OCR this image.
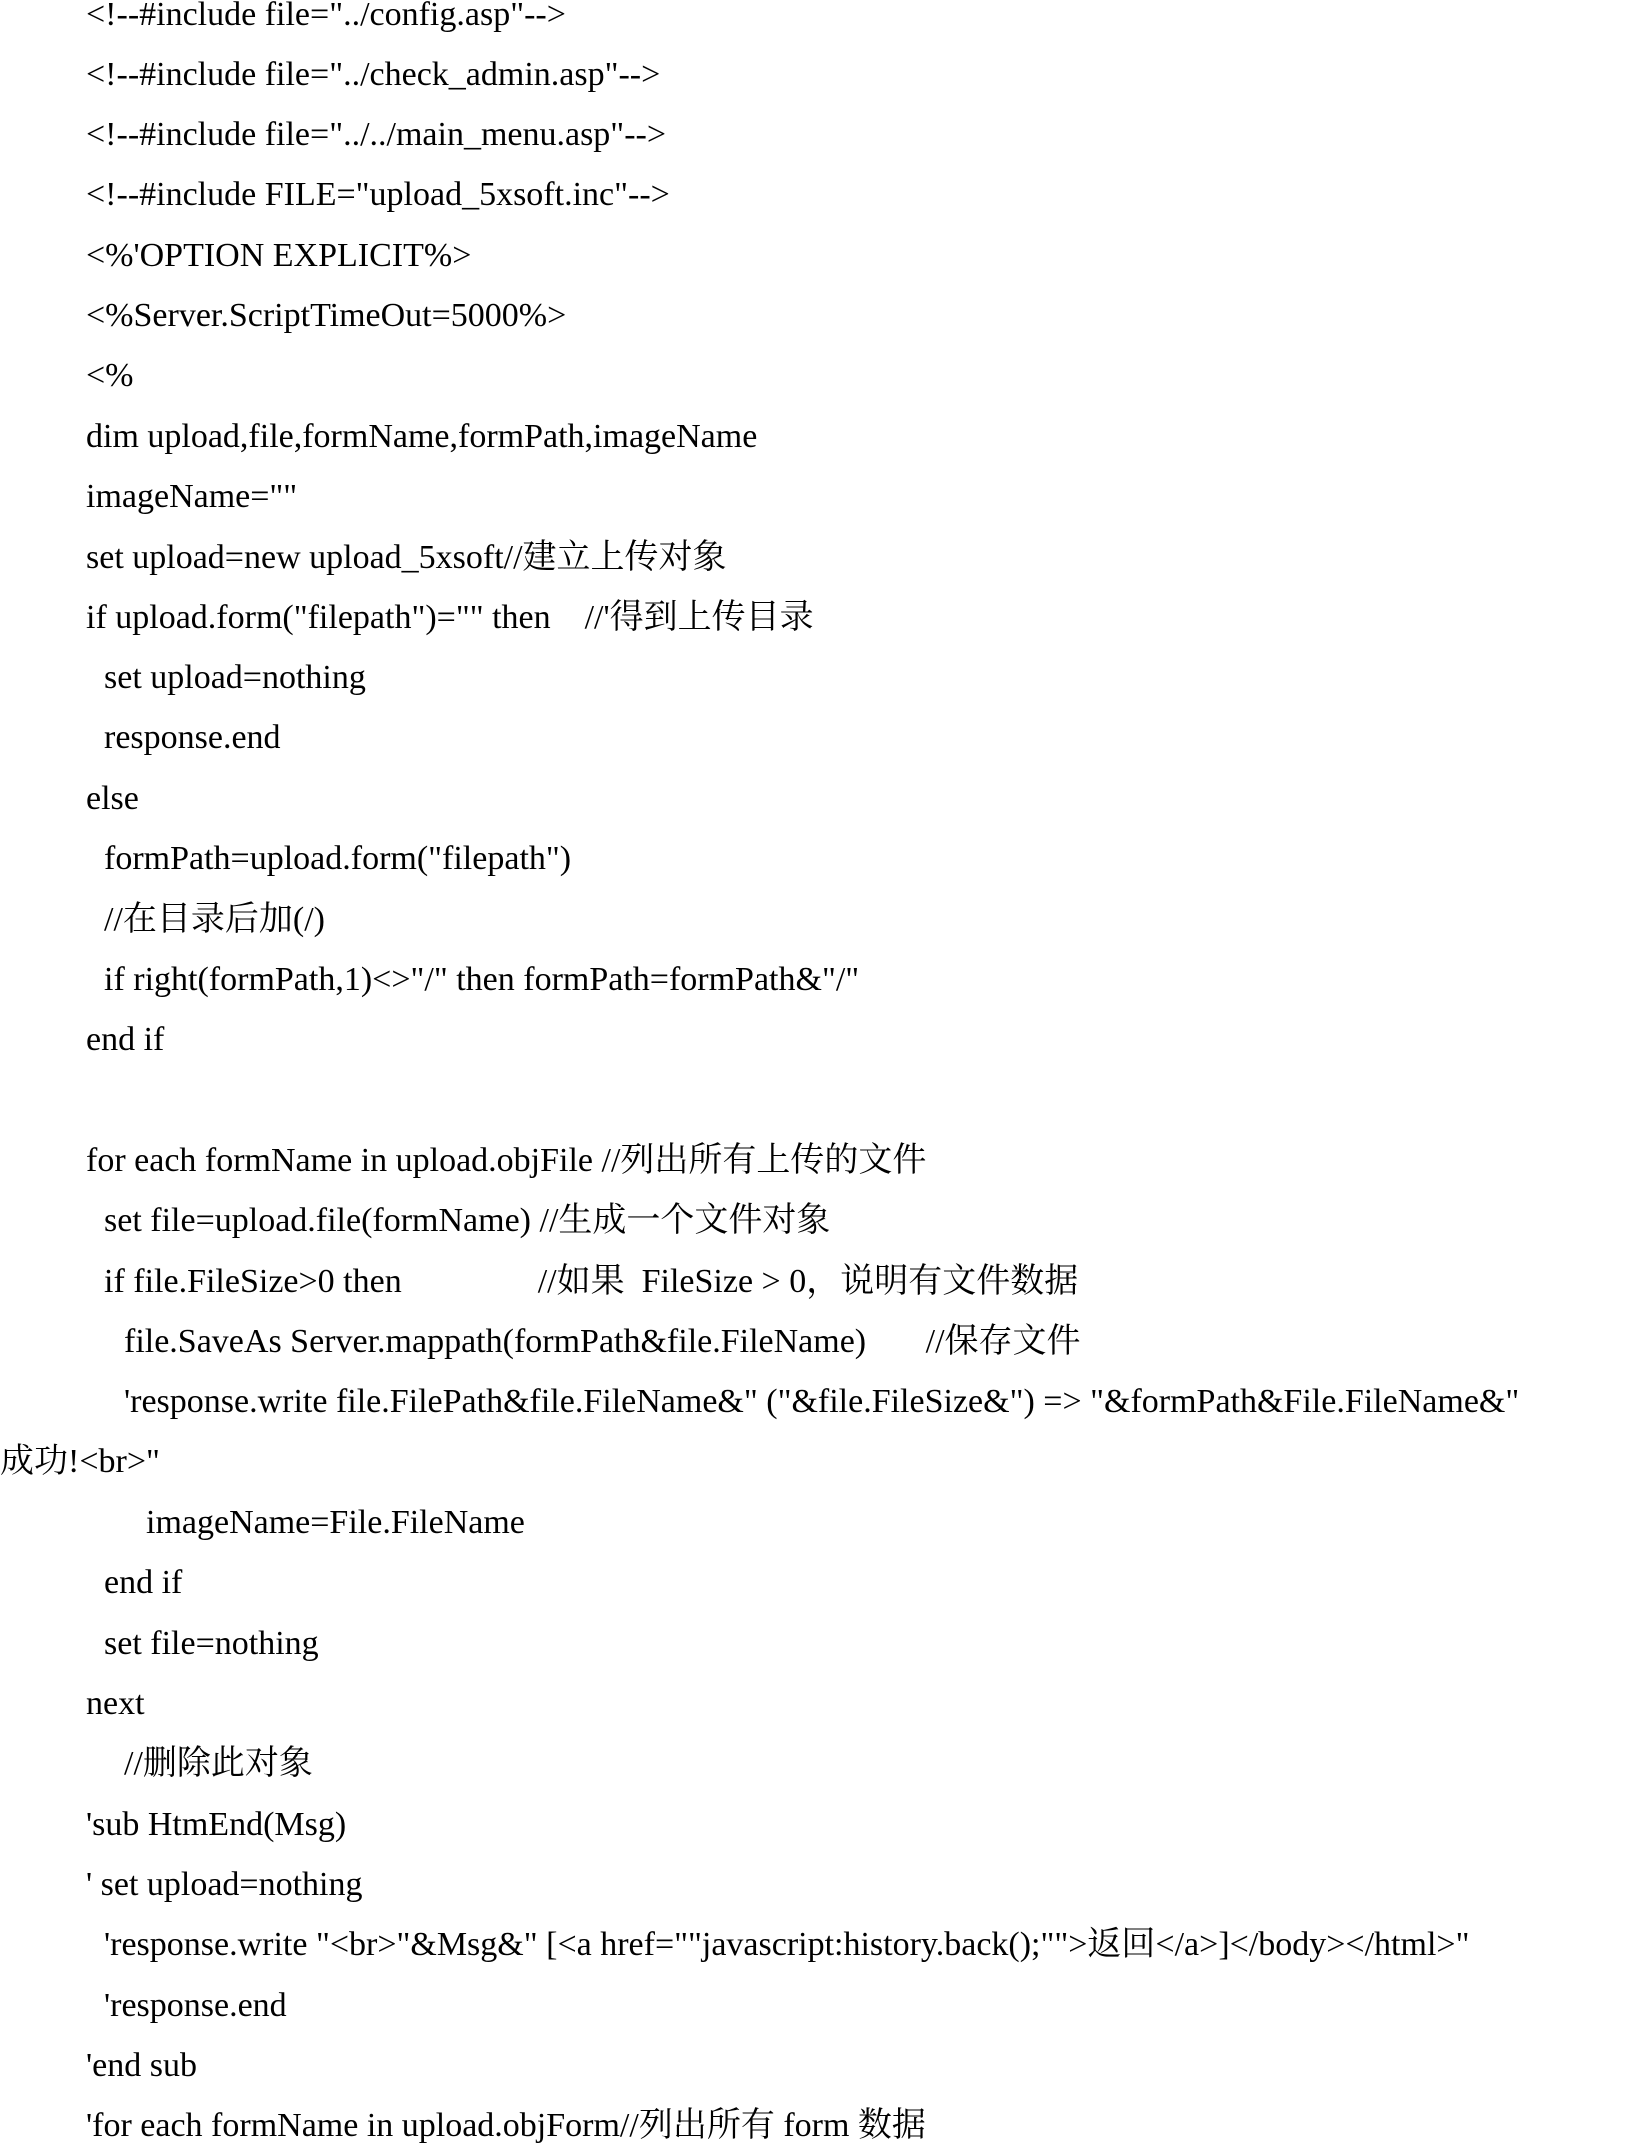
<!--#include file="../config.asp"-->

<!--#include file="../check_admin.asp"-->

<!--#include file="../../main_menu.asp"-->

<!--#include FILE="upload_5xsoft.inc"-->

<%'OPTION EXPLICIT%>

<%Server.ScriptTimeOut=5000%>

<%

dim upload,file,formName,formPath,imageName

imageName=""

set upload=new upload_5xsoft//建立上传对象

if upload.form("filepath")="" then    //'得到上传目录

set upload=nothing

response.end

else

formPath=upload.form("filepath")

//在目录后加(/)

if right(formPath,1)<>"/" then formPath=formPath&"/"

end if

for each formName in upload.objFile //列出所有上传的文件

set file=upload.file(formName) //生成一个文件对象

if file.FileSize>0 then                //如果  FileSize > 0，说明有文件数据

file.SaveAs Server.mappath(formPath&file.FileName)       //保存文件

'response.write file.FilePath&file.FileName&" ("&file.FileSize&") => "&formPath&File.FileName&"

成功!<br>"

imageName=File.FileName

end if

set file=nothing

next

//删除此对象

'sub HtmEnd(Msg)

' set upload=nothing

'response.write "<br>"&Msg&" [<a href=""javascript:history.back();"">返回</a>]</body></html>"

'response.end

'end sub

'for each formName in upload.objForm//列出所有 form 数据
